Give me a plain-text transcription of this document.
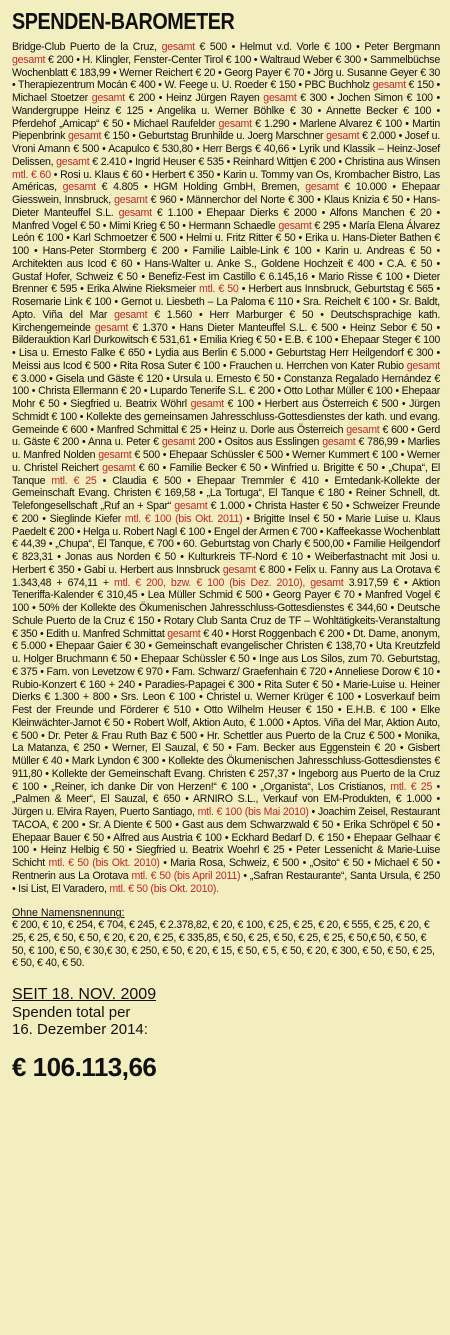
SPENDEN-BAROMETER
Bridge-Club Puerto de la Cruz, gesamt € 500 • Helmut v.d. Vorle € 100 • Peter Bergmann gesamt € 200 • H. Klingler, Fenster-Center Tirol € 100 • Waltraud Weber € 300 • Sammelbüchse Wochenblatt € 183,99 • Werner Reichert € 20 • Georg Payer € 70 • Jörg u. Susanne Geyer € 30 • Therapiezentrum Mocán € 400 • W. Feege u. U. Roeder € 150 • PBC Buchholz gesamt € 150 • Michael Stoetzer gesamt € 200 • Heinz Jürgen Rayen gesamt € 300 • Jochen Simon € 100 • Wandergruppe Heinz € 125 • Angelika u. Werner Böhlke € 30 • Annette Becker € 100 • Pferdehof „Amicap“ € 50 • Michael Raufelder gesamt € 1.290 • Marlene Alvarez € 100 • Martin Piepenbrink gesamt € 150 • Geburtstag Brunhilde u. Joerg Marschner gesamt € 2.000 • Josef u. Vroni Amann € 500 • Acapulco € 530,80 • Herr Bergs € 40,66 • Lyrik und Klassik – Heinz-Josef Delissen, gesamt € 2.410 • Ingrid Heuser € 535 • Reinhard Wittjen € 200 • Christina aus Winsen mtl. € 60 • Rosi u. Klaus € 60 • Herbert € 350 • Karin u. Tommy van Os, Krombacher Bistro, Las Américas, gesamt € 4.805 • HGM Holding GmbH, Bremen, gesamt € 10.000 • Ehepaar Giesswein, Innsbruck, gesamt € 960 • Männerchor del Norte € 300 • Klaus Knizia € 50 • Hans-Dieter Manteuffel S.L. gesamt € 1.100 • Ehepaar Dierks € 2000 • Alfons Manchen € 20 • Manfred Vogel € 50 • Mimi Krieg € 50 • Hermann Schaedle gesamt € 295 • María Elena Álvarez León € 100 • Karl Schmoetzer € 500 • Helmi u. Fritz Ritter € 50 • Erika u. Hans-Dieter Bathen € 100 • Hans-Peter Stormberg € 200 • Familie Laible-Link € 100 • Karin u. Andreas € 50 • Architekten aus Icod € 60 • Hans-Walter u. Anke S., Goldene Hochzeit € 400 • C.A. € 50 • Gustaf Hofer, Schweiz € 50 • Benefiz-Fest im Castillo € 6.145,16 • Mario Risse € 100 • Dieter Brenner € 595 • Erika Alwine Rieksmeier mtl. € 50 • Herbert aus Innsbruck, Geburtstag € 565 • Rosemarie Link € 100 • Gernot u. Liesbeth – La Paloma € 110 • Sra. Reichelt € 100 • Sr. Baldt, Apto. Viña del Mar gesamt € 1.560 • Herr Marburger € 50 • Deutschsprachige kath. Kirchengemeinde gesamt € 1.370 • Hans Dieter Manteuffel S.L. € 500 • Heinz Sebor € 50 • Bilderauktion Karl Durkowitsch € 531,61 • Emilia Krieg € 50 • E.B. € 100 • Ehepaar Steger € 100 • Lisa u. Ernesto Falke € 650 • Lydia aus Berlin € 5.000 • Geburtstag Herr Heilgendorf € 300 • Meissi aus Icod € 500 • Rita Rosa Suter € 100 • Frauchen u. Herrchen von Kater Rubio gesamt € 3.000 • Gisela und Gäste € 120 • Ursula u. Ernesto € 50 • Constanza Regalado Hernández € 100 • Christa Ellermann € 20 • Lupardo Tenerife S.L. € 200 • Otto Lothar Müller € 100 • Ehepaar Mohr € 50 • Siegfried u. Beatrix Wöhrl gesamt € 100 • Herbert aus Österreich € 500 • Jürgen Schmidt € 100 • Kollekte des gemeinsamen Jahresschluss-Gottesdienstes der kath. und evang. Gemeinde € 600 • Manfred Schmittal € 25 • Heinz u. Dorle aus Österreich gesamt € 600 • Gerd u. Gäste € 200 • Anna u. Peter € gesamt 200 • Ositos aus Esslingen gesamt € 786,99 • Marlies u. Manfred Nolden gesamt € 500 • Ehepaar Schüssler € 500 • Werner Kummert € 100 • Werner u. Christel Reichert gesamt € 60 • Familie Becker € 50 • Winfried u. Brigitte € 50 • „Chupa“, El Tanque mtl. € 25 • Claudia € 500 • Ehepaar Tremmler € 410 • Erntedank-Kollekte der Gemeinschaft Evang. Christen € 169,58 • „La Tortuga“, El Tanque € 180 • Reiner Schnell, dt. Telefongesellschaft „Ruf an + Spar“ gesamt € 1.000 • Christa Haster € 50 • Schweizer Freunde € 200 • Sieglinde Kiefer mtl. € 100 (bis Okt. 2011) • Brigitte Insel € 50 • Marie Luise u. Klaus Paedelt € 200 • Helga u. Robert Nagl € 100 • Engel der Armen € 700 • Kaffeekasse Wochenblatt € 44,39 • „Chupa“, El Tanque, € 700 • 60. Geburtstag von Charly € 500,00 • Familie Heilgendorf € 823,31 • Jonas aus Norden € 50 • Kulturkreis TF-Nord € 10 • Weiberfastnacht mit Josi u. Herbert € 350 • Gabi u. Herbert aus Innsbruck gesamt € 800 • Felix u. Fanny aus La Orotava € 1.343,48 + 674,11 + mtl. € 200, bzw. € 100 (bis Dez. 2010), gesamt 3.917,59 € • Aktion Teneriffa-Kalender € 310,45 • Lea Müller Schmid € 500 • Georg Payer € 70 • Manfred Vogel € 100 • 50% der Kollekte des Ökumenischen Jahresschluss-Gottesdienstes € 344,60 • Deutsche Schule Puerto de la Cruz € 150 • Rotary Club Santa Cruz de TF – Wohltätigkeits-Veranstaltung € 350 • Edith u. Manfred Schmittat gesamt € 40 • Horst Roggenbach € 200 • Dt. Dame, anonym, € 5.000 • Ehepaar Gaier € 30 • Gemeinschaft evangelischer Christen € 138,70 • Uta Kreutzfeld u. Holger Bruchmann € 50 • Ehepaar Schüssler € 50 • Inge aus Los Silos, zum 70. Geburtstag, € 375 • Fam. von Levetzow € 970 • Fam. Schwarz/ Graefenhain € 720 • Anneliese Dorow € 10 • Rubio-Konzert € 160 + 240 • Paradies-Papagei € 300 • Rita Suter € 50 • Marie-Luise u. Heiner Dierks € 1.300 + 800 • Srs. Leon € 100 • Christel u. Werner Krüger € 100 • Losverkauf beim Fest der Freunde und Förderer € 510 • Otto Wilhelm Heuser € 150 • E.H.B. € 100 • Elke Kleinwächter-Jarnot € 50 • Robert Wolf, Aktion Auto, € 1.000 • Aptos. Viña del Mar, Aktion Auto, € 500 • Dr. Peter & Frau Ruth Baz € 500 • Hr. Schettler aus Puerto de la Cruz € 500 • Monika, La Matanza, € 250 • Werner, El Sauzal, € 50 • Fam. Becker aus Eggenstein € 20 • Gisbert Müller € 40 • Mark Lyndon € 300 • Kollekte des Ökumenischen Jahresschluss-Gottesdienstes € 911,80 • Kollekte der Gemeinschaft Evang. Christen € 257,37 • Ingeborg aus Puerto de la Cruz € 100 • „Reiner, ich danke Dir von Herzen!“ € 100 • „Organista“, Los Cristianos, mtl. € 25 • „Palmen & Meer“, El Sauzal, € 650 • ARNIRO S.L., Verkauf von EM-Produkten, € 1.000 • Jürgen u. Elvira Rayen, Puerto Santiago, mtl. € 100 (bis Mai 2010) • Joachim Zeisel, Restaurant TACOA, € 200 • Sr. A Diente € 500 • Gast aus dem Schwarzwald € 50 • Erika Schröpel € 50 • Ehepaar Bauer € 50 • Alfred aus Austria € 100 • Eckhard Bedarf D. € 150 • Ehepaar Gelhaar € 100 • Heinz Helbig € 50 • Siegfried u. Beatrix Woehrl € 25 • Peter Lessenicht & Marie-Luise Schicht mtl. € 50 (bis Okt. 2010) • Maria Rosa, Schweiz, € 500 • „Osito“ € 50 • Michael € 50 • Rentnerin aus La Orotava mtl. € 50 (bis April 2011) • „Safran Restaurante“, Santa Ursula, € 250 • Isi List, El Varadero, mtl. € 50 (bis Okt. 2010).
Ohne Namensnennung:
€ 200, € 10, € 254, € 704, € 245, € 2.378,82, € 20, € 100, € 25, € 25, € 20, € 555, € 25, € 20, € 25, € 25, € 50, € 50, € 20, € 20, € 25, € 335,85, € 50, € 25, € 50, € 25, € 25, € 50,€ 50, € 50, € 50, € 100, € 50, € 30,€ 30, € 250, € 50, € 20, € 15, € 50, € 5, € 50, € 20, € 300, € 50, € 50, € 25, € 50, € 40, € 50.
SEIT 18. NOV. 2009
Spenden total per
16. Dezember 2014:
€ 106.113,66
